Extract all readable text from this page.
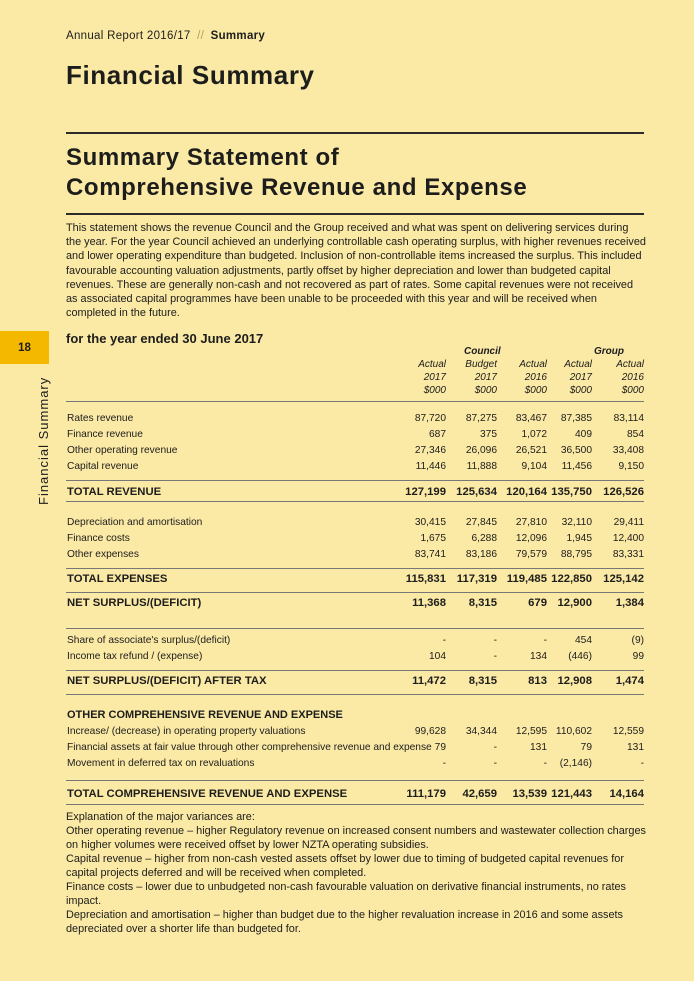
Annual Report 2016/17 // Summary
Financial Summary
Summary Statement of
Comprehensive Revenue and Expense

This statement shows the revenue Council and the Group received and what was spent on delivering services during the year. For the year Council achieved an underlying controllable cash operating surplus, with higher revenues received and lower operating expenditure than budgeted. Inclusion of non-controllable items increased the surplus. This included favourable accounting valuation adjustments, partly offset by higher depreciation and lower than budgeted capital revenues. These are generally non-cash and not recovered as part of rates. Some capital revenues were not received as associated capital programmes have been unable to be proceeded with this year and will be received when completed in the future.

18
Financial Summary
for the year ended 30 June 2017
Council	Group
Actual
2017
$000
Budget
2017
$000
Actual
2016
$000
Actual
2017
$000
Actual
2016
$000
Rates revenue	87,720	87,275	83,467	87,385	83,114
Finance revenue	687	375	1,072	409	854
Other operating revenue	27,346	26,096	26,521	36,500	33,408
Capital revenue	11,446	11,888	9,104	11,456	9,150
TOTAL REVENUE	127,199 125,634 120,164 135,750 126,526
Depreciation and amortisation	30,415	27,845	27,810	32,110	29,411
Finance costs	1,675	6,288	12,096	1,945	12,400
Other expenses	83,741	83,186	79,579	88,795	83,331
TOTAL EXPENSES	115,831 117,319 119,485 122,850 125,142
NET SURPLUS/(DEFICIT)	11,368	8,315	679 12,900	1,384
Share of associate's surplus/(deficit)	-	-	-	454	(9)
Income tax refund / (expense)	104	-	134	(446)	99
NET SURPLUS/(DEFICIT) AFTER TAX	11,472	8,315	813 12,908	1,474
OTHER COMPREHENSIVE REVENUE AND EXPENSE
Increase/ (decrease) in operating property valuations	99,628	34,344	12,595 110,602	12,559
Financial assets at fair value through other comprehensive revenue and expense 79	-	131	79	131
Movement in deferred tax on revaluations	-	-	-	(2,146)	-
TOTAL COMPREHENSIVE REVENUE AND EXPENSE	111,179	42,659	13,539 121,443	14,164

Explanation of the major variances are:

Other operating revenue – higher Regulatory revenue on increased consent numbers and wastewater collection charges on higher volumes were received offset by lower NZTA operating subsidies.

Capital revenue – higher from non-cash vested assets offset by lower due to timing of budgeted capital revenues for capital projects deferred and will be received when completed.

Finance costs – lower due to unbudgeted non-cash favourable valuation on derivative financial instruments, no rates impact.

Depreciation and amortisation – higher than budget due to the higher revaluation increase in 2016 and some assets depreciated over a shorter life than budgeted for.
